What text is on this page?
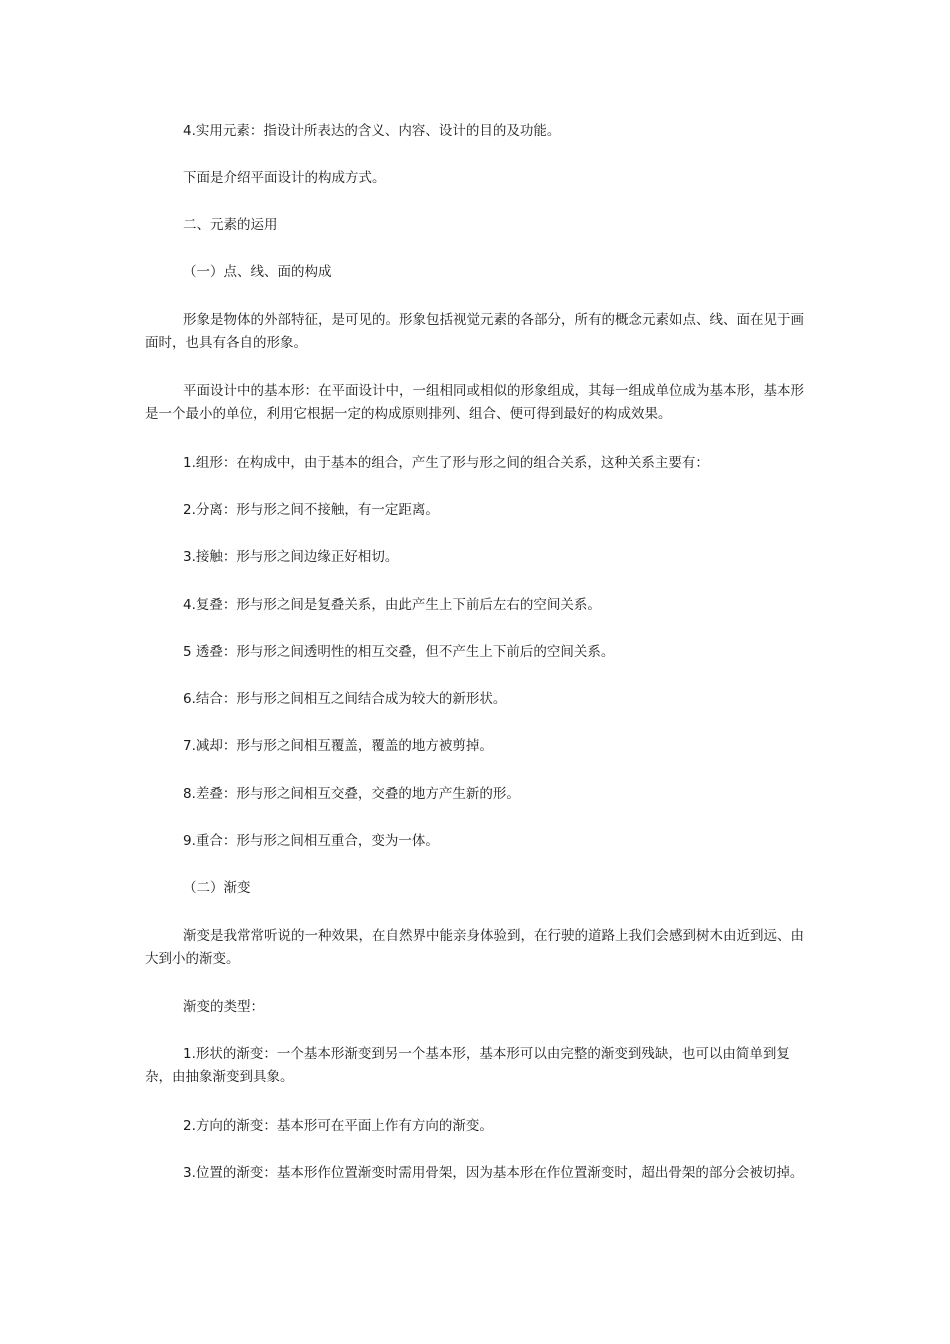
4.实用元素：指设计所表达的含义、内容、设计的目的及功能。

下面是介绍平面设计的构成方式。

二、元素的运用

（一）点、线、面的构成

形象是物体的外部特征，是可见的。形象包括视觉元素的各部分，所有的概念元素如点、线、面在见于画面时，也具有各自的形象。

平面设计中的基本形：在平面设计中，一组相同或相似的形象组成，其每一组成单位成为基本形，基本形是一个最小的单位，利用它根据一定的构成原则排列、组合、便可得到最好的构成效果。

1.组形：在构成中，由于基本的组合，产生了形与形之间的组合关系，这种关系主要有：

2.分离：形与形之间不接触，有一定距离。

3.接触：形与形之间边缘正好相切。

4.复叠：形与形之间是复叠关系，由此产生上下前后左右的空间关系。

5 透叠：形与形之间透明性的相互交叠，但不产生上下前后的空间关系。

6.结合：形与形之间相互之间结合成为较大的新形状。

7.减却：形与形之间相互覆盖，覆盖的地方被剪掉。

8.差叠：形与形之间相互交叠，交叠的地方产生新的形。

9.重合：形与形之间相互重合，变为一体。

（二）渐变

渐变是我常常听说的一种效果，在自然界中能亲身体验到，在行驶的道路上我们会感到树木由近到远、由大到小的渐变。

渐变的类型：

1.形状的渐变：一个基本形渐变到另一个基本形，基本形可以由完整的渐变到残缺，也可以由简单到复杂，由抽象渐变到具象。

2.方向的渐变：基本形可在平面上作有方向的渐变。

3.位置的渐变：基本形作位置渐变时需用骨架，因为基本形在作位置渐变时，超出骨架的部分会被切掉。
